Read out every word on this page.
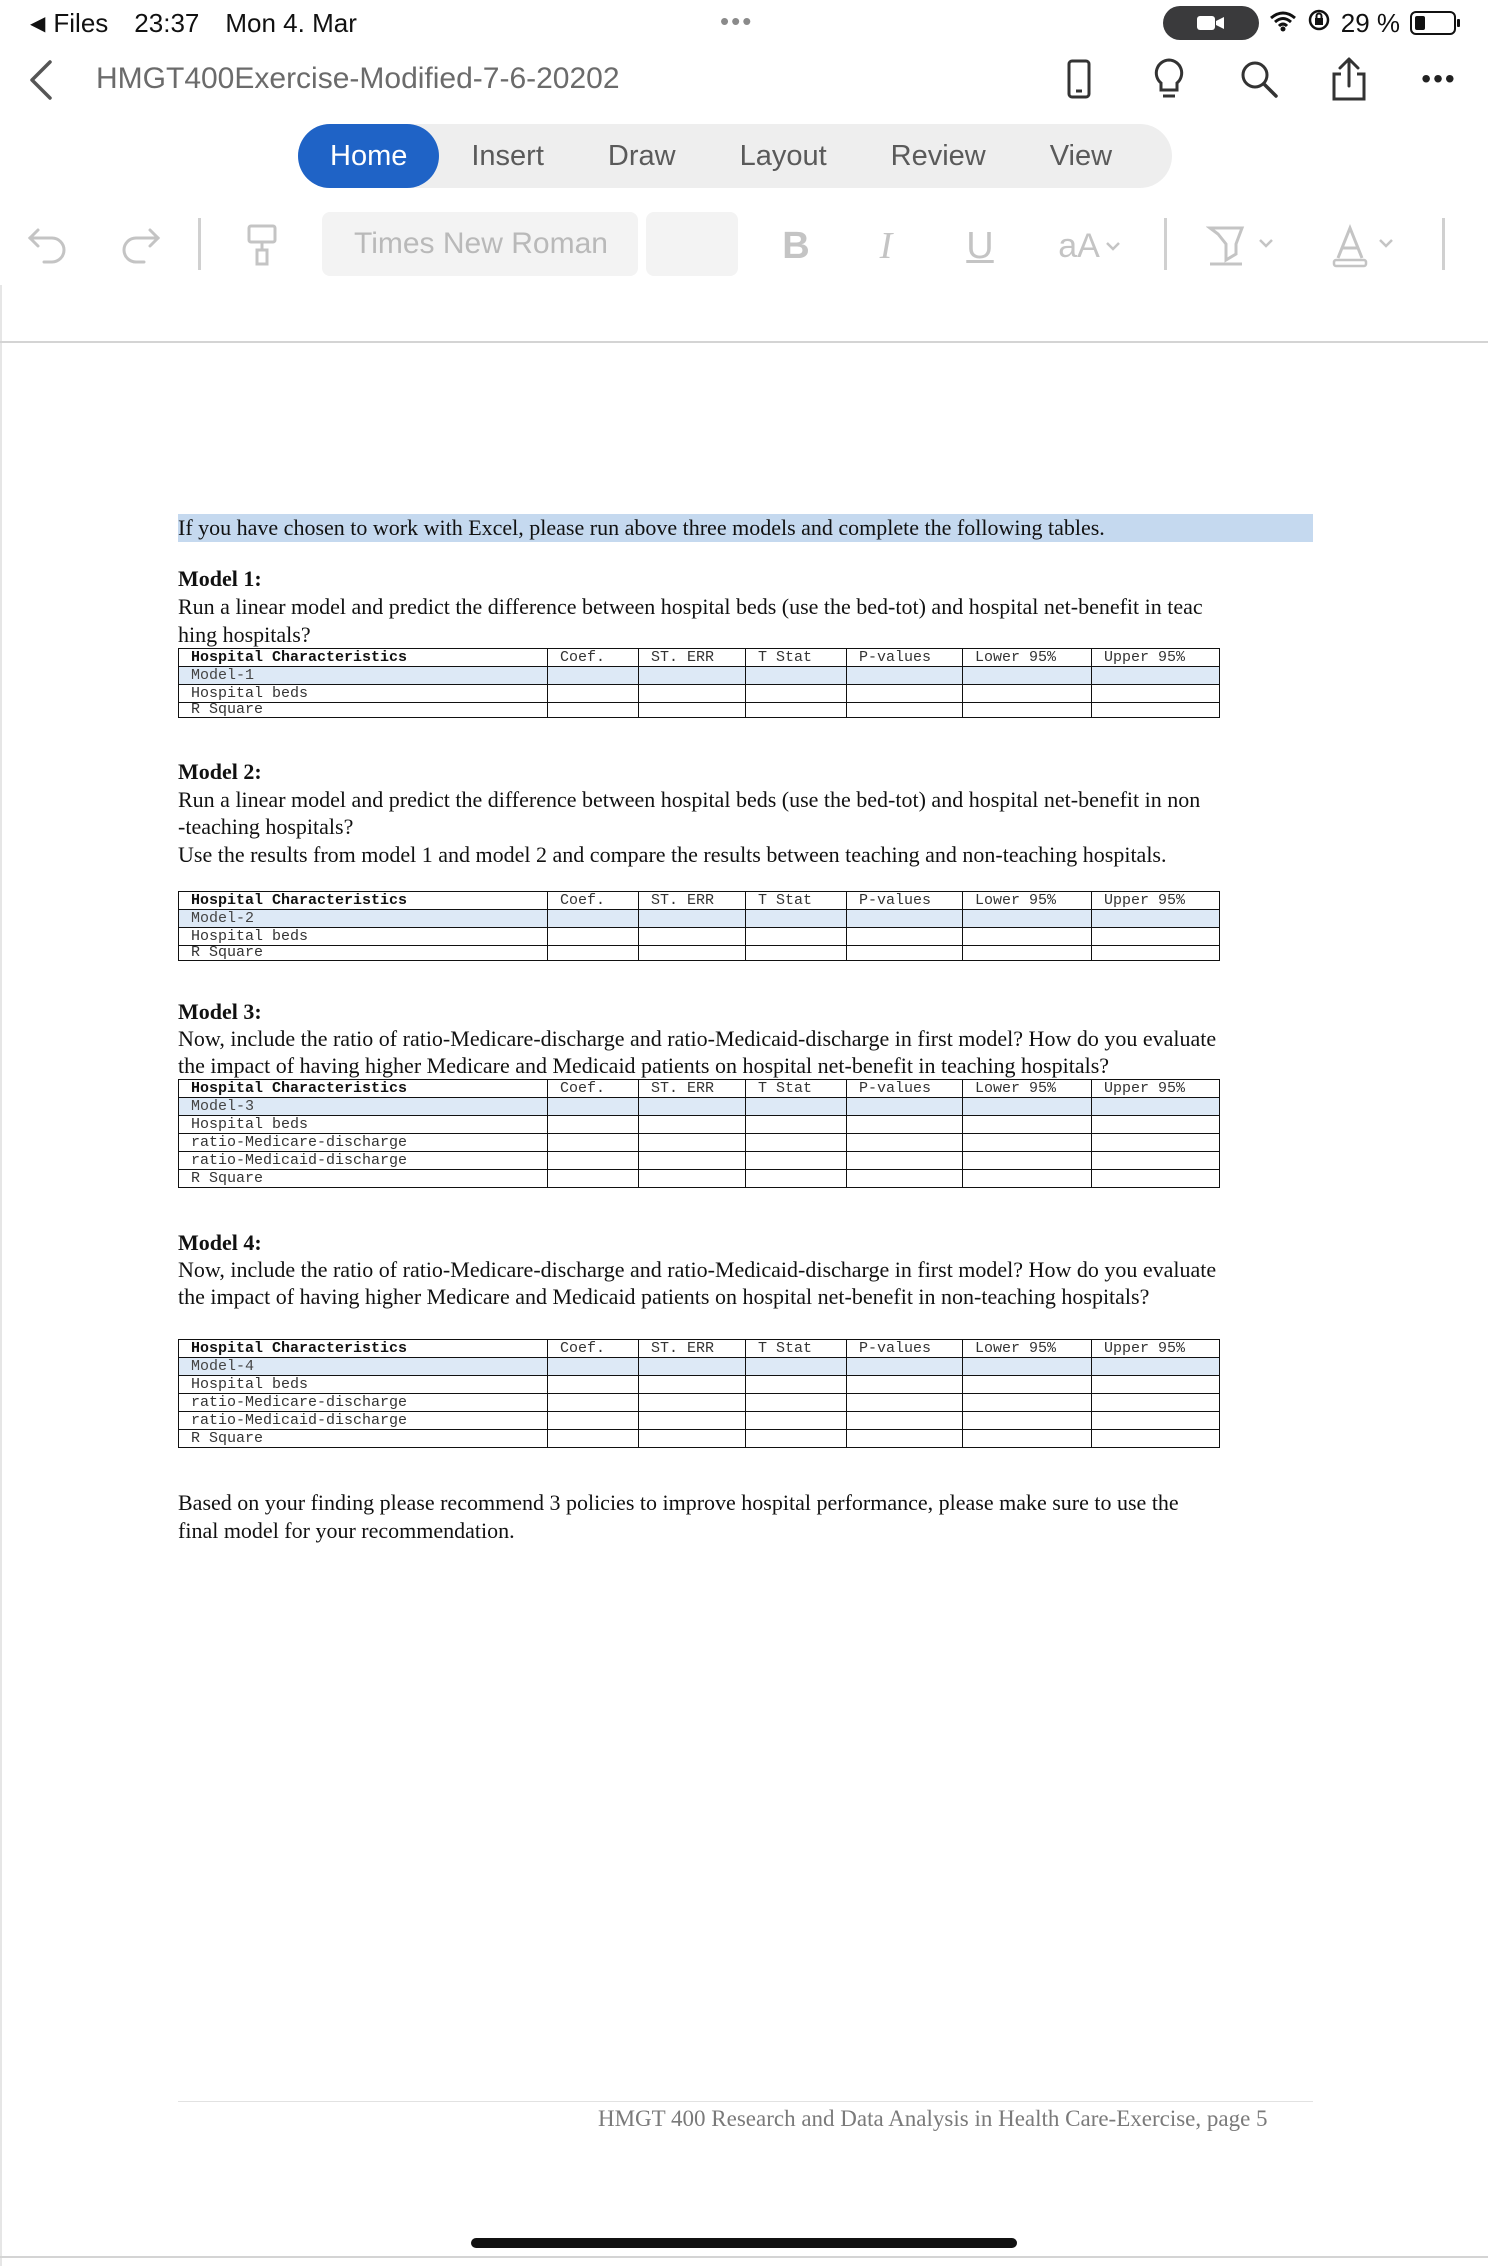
◀ Files 23:37 Mon 4. Mar	•••	29 %
HMGT400Exercise-Modified-7-6-20202	•••
Home	Insert	Draw	Layout	Review	View
Times New Roman	B	I	U aA
If you have chosen to work with Excel, please run above three models and complete the following tables.
Model 1:
Run a linear model and predict the difference between hospital beds (use the bed-tot) and hospital net-benefit in teac
hing hospitals?
Hospital Characteristics	Coef.	ST. ERR	T Stat	P-values	Lower 95%	Upper 95%
Model-1						
Hospital beds						
R Square						
Model 2:
Run a linear model and predict the difference between hospital beds (use the bed-tot) and hospital net-benefit in non
-teaching hospitals?
Use the results from model 1 and model 2 and compare the results between teaching and non-teaching hospitals.
Hospital Characteristics	Coef.	ST. ERR	T Stat	P-values	Lower 95%	Upper 95%
Model-2						
Hospital beds						
R Square						
Model 3:
Now, include the ratio of ratio-Medicare-discharge and ratio-Medicaid-discharge in first model? How do you evaluate
the impact of having higher Medicare and Medicaid patients on hospital net-benefit in teaching hospitals?
Hospital Characteristics	Coef.	ST. ERR	T Stat	P-values	Lower 95%	Upper 95%
Model-3						
Hospital beds						
ratio-Medicare-discharge						
ratio-Medicaid-discharge						
R Square						
Model 4:
Now, include the ratio of ratio-Medicare-discharge and ratio-Medicaid-discharge in first model? How do you evaluate
the impact of having higher Medicare and Medicaid patients on hospital net-benefit in non-teaching hospitals?
Hospital Characteristics	Coef.	ST. ERR	T Stat	P-values	Lower 95%	Upper 95%
Model-4						
Hospital beds						
ratio-Medicare-discharge						
ratio-Medicaid-discharge						
R Square						
Based on your finding please recommend 3 policies to improve hospital performance, please make sure to use the
final model for your recommendation.
HMGT 400 Research and Data Analysis in Health Care-Exercise, page 5
